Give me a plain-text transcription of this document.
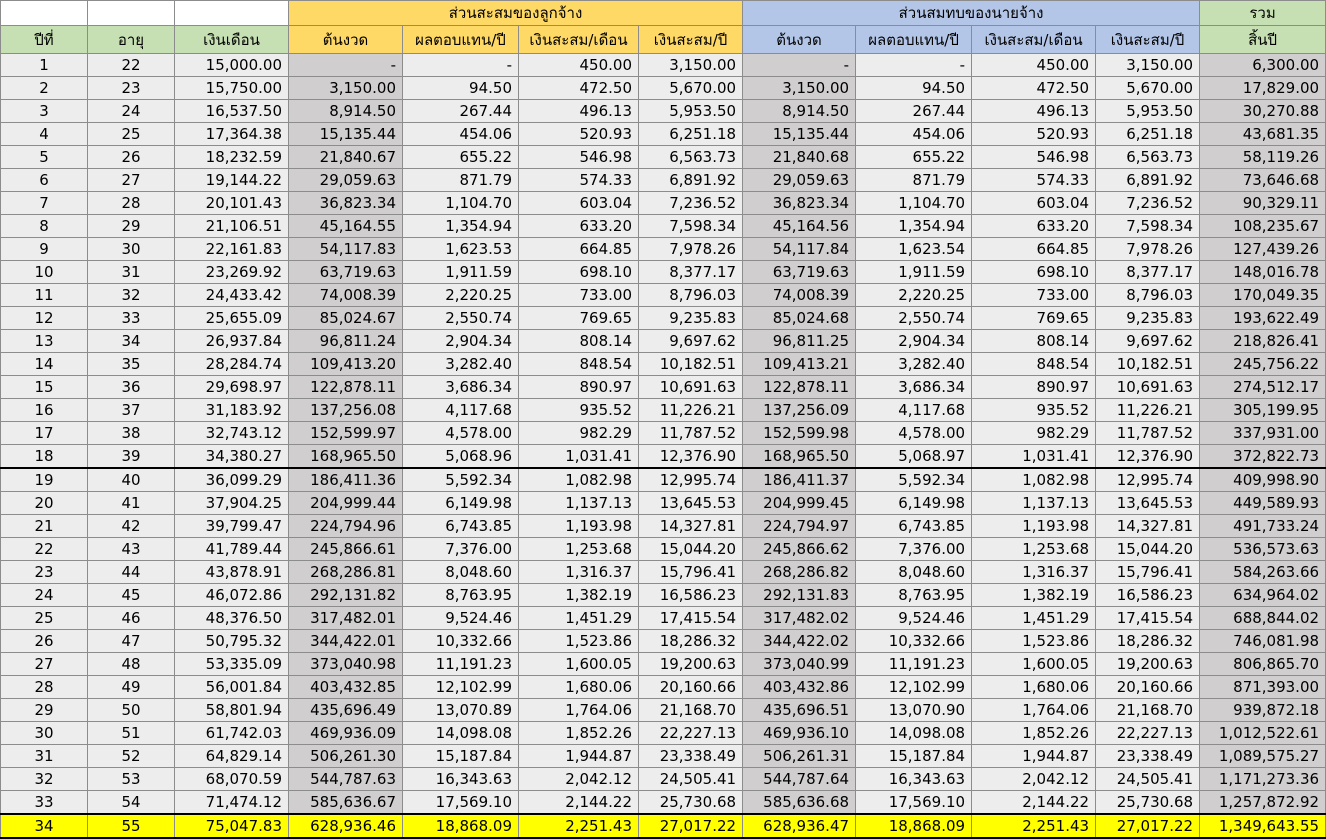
			ส่วนสะสมของลูกจ้าง				ส่วนสมทบของนายจ้าง				รวม
ปีที่	อายุ	เงินเดือน	ต้นงวด	ผลตอบแทน/ปี	เงินสะสม/เดือน	เงินสะสม/ปี	ต้นงวด	ผลตอบแทน/ปี	เงินสะสม/เดือน	เงินสะสม/ปี	สิ้นปี
1	22	15,000.00	-	-	450.00	3,150.00	-	-	450.00	3,150.00	6,300.00
2	23	15,750.00	3,150.00	94.50	472.50	5,670.00	3,150.00	94.50	472.50	5,670.00	17,829.00
3	24	16,537.50	8,914.50	267.44	496.13	5,953.50	8,914.50	267.44	496.13	5,953.50	30,270.88
4	25	17,364.38	15,135.44	454.06	520.93	6,251.18	15,135.44	454.06	520.93	6,251.18	43,681.35
5	26	18,232.59	21,840.67	655.22	546.98	6,563.73	21,840.68	655.22	546.98	6,563.73	58,119.26
6	27	19,144.22	29,059.63	871.79	574.33	6,891.92	29,059.63	871.79	574.33	6,891.92	73,646.68
7	28	20,101.43	36,823.34	1,104.70	603.04	7,236.52	36,823.34	1,104.70	603.04	7,236.52	90,329.11
8	29	21,106.51	45,164.55	1,354.94	633.20	7,598.34	45,164.56	1,354.94	633.20	7,598.34	108,235.67
9	30	22,161.83	54,117.83	1,623.53	664.85	7,978.26	54,117.84	1,623.54	664.85	7,978.26	127,439.26
10	31	23,269.92	63,719.63	1,911.59	698.10	8,377.17	63,719.63	1,911.59	698.10	8,377.17	148,016.78
11	32	24,433.42	74,008.39	2,220.25	733.00	8,796.03	74,008.39	2,220.25	733.00	8,796.03	170,049.35
12	33	25,655.09	85,024.67	2,550.74	769.65	9,235.83	85,024.68	2,550.74	769.65	9,235.83	193,622.49
13	34	26,937.84	96,811.24	2,904.34	808.14	9,697.62	96,811.25	2,904.34	808.14	9,697.62	218,826.41
14	35	28,284.74	109,413.20	3,282.40	848.54	10,182.51	109,413.21	3,282.40	848.54	10,182.51	245,756.22
15	36	29,698.97	122,878.11	3,686.34	890.97	10,691.63	122,878.11	3,686.34	890.97	10,691.63	274,512.17
16	37	31,183.92	137,256.08	4,117.68	935.52	11,226.21	137,256.09	4,117.68	935.52	11,226.21	305,199.95
17	38	32,743.12	152,599.97	4,578.00	982.29	11,787.52	152,599.98	4,578.00	982.29	11,787.52	337,931.00
18	39	34,380.27	168,965.50	5,068.96	1,031.41	12,376.90	168,965.50	5,068.97	1,031.41	12,376.90	372,822.73
19	40	36,099.29	186,411.36	5,592.34	1,082.98	12,995.74	186,411.37	5,592.34	1,082.98	12,995.74	409,998.90
20	41	37,904.25	204,999.44	6,149.98	1,137.13	13,645.53	204,999.45	6,149.98	1,137.13	13,645.53	449,589.93
21	42	39,799.47	224,794.96	6,743.85	1,193.98	14,327.81	224,794.97	6,743.85	1,193.98	14,327.81	491,733.24
22	43	41,789.44	245,866.61	7,376.00	1,253.68	15,044.20	245,866.62	7,376.00	1,253.68	15,044.20	536,573.63
23	44	43,878.91	268,286.81	8,048.60	1,316.37	15,796.41	268,286.82	8,048.60	1,316.37	15,796.41	584,263.66
24	45	46,072.86	292,131.82	8,763.95	1,382.19	16,586.23	292,131.83	8,763.95	1,382.19	16,586.23	634,964.02
25	46	48,376.50	317,482.01	9,524.46	1,451.29	17,415.54	317,482.02	9,524.46	1,451.29	17,415.54	688,844.02
26	47	50,795.32	344,422.01	10,332.66	1,523.86	18,286.32	344,422.02	10,332.66	1,523.86	18,286.32	746,081.98
27	48	53,335.09	373,040.98	11,191.23	1,600.05	19,200.63	373,040.99	11,191.23	1,600.05	19,200.63	806,865.70
28	49	56,001.84	403,432.85	12,102.99	1,680.06	20,160.66	403,432.86	12,102.99	1,680.06	20,160.66	871,393.00
29	50	58,801.94	435,696.49	13,070.89	1,764.06	21,168.70	435,696.51	13,070.90	1,764.06	21,168.70	939,872.18
30	51	61,742.03	469,936.09	14,098.08	1,852.26	22,227.13	469,936.10	14,098.08	1,852.26	22,227.13	1,012,522.61
31	52	64,829.14	506,261.30	15,187.84	1,944.87	23,338.49	506,261.31	15,187.84	1,944.87	23,338.49	1,089,575.27
32	53	68,070.59	544,787.63	16,343.63	2,042.12	24,505.41	544,787.64	16,343.63	2,042.12	24,505.41	1,171,273.36
33	54	71,474.12	585,636.67	17,569.10	2,144.22	25,730.68	585,636.68	17,569.10	2,144.22	25,730.68	1,257,872.92
34	55	75,047.83	628,936.46	18,868.09	2,251.43	27,017.22	628,936.47	18,868.09	2,251.43	27,017.22	1,349,643.55
